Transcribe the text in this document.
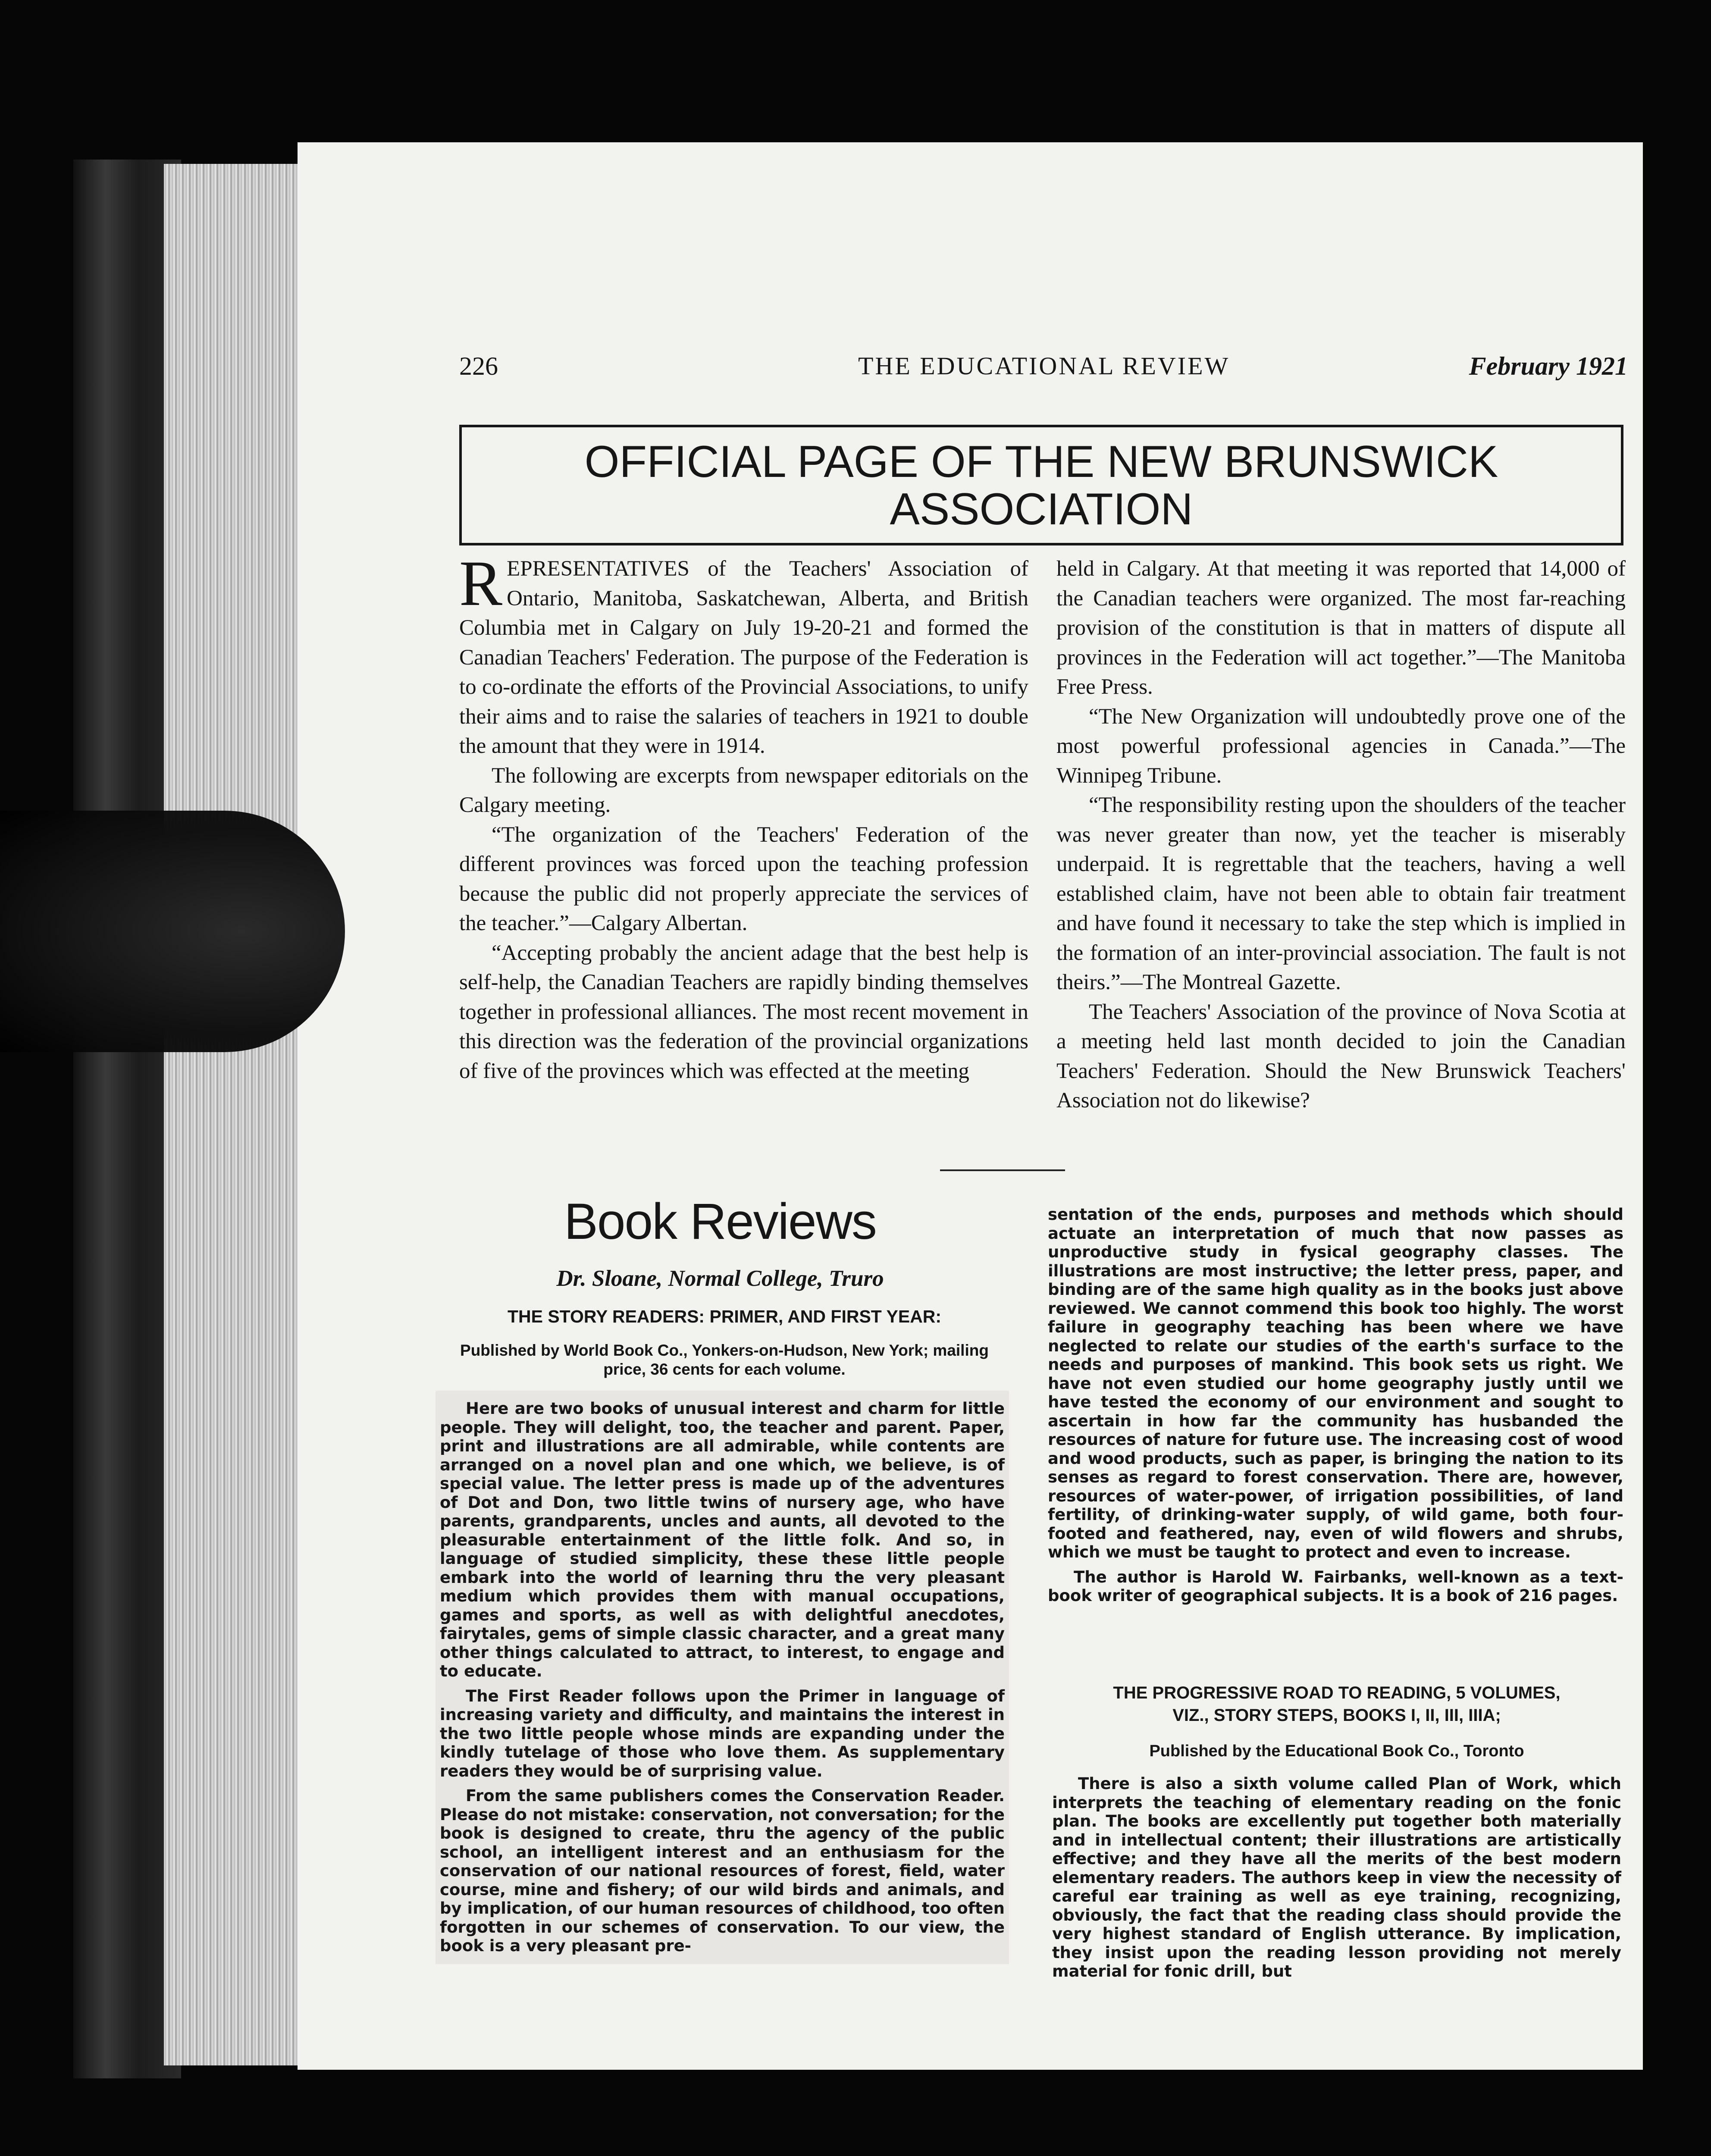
226	THE EDUCATIONAL REVIEW	February 1921
OFFICIAL PAGE OF THE NEW BRUNSWICK
ASSOCIATION

REPRESENTATIVES of the Teachers' Association of Ontario, Manitoba, Saskatchewan, Alberta, and British Columbia met in Calgary on July 19-20-21 and formed the Canadian Teachers' Federation. The purpose of the Federation is to co-ordinate the efforts of the Provincial Associations, to unify their aims and to raise the salaries of teachers in 1921 to double the amount that they were in 1914.

The following are excerpts from newspaper editorials on the Calgary meeting.

“The organization of the Teachers' Federation of the different provinces was forced upon the teaching profession because the public did not properly appreciate the services of the teacher.”—Calgary Albertan.

“Accepting probably the ancient adage that the best help is self-help, the Canadian Teachers are rapidly binding themselves together in professional alliances. The most recent movement in this direction was the federation of the provincial organizations of five of the provinces which was effected at the meeting

held in Calgary. At that meeting it was reported that 14,000 of the Canadian teachers were organized. The most far-reaching provision of the constitution is that in matters of dispute all provinces in the Federation will act together.”—The Manitoba Free Press.

“The New Organization will undoubtedly prove one of the most powerful professional agencies in Canada.”—The Winnipeg Tribune.

“The responsibility resting upon the shoulders of the teacher was never greater than now, yet the teacher is miserably underpaid. It is regrettable that the teachers, having a well established claim, have not been able to obtain fair treatment and have found it necessary to take the step which is implied in the formation of an inter-provincial association. The fault is not theirs.”—The Montreal Gazette.

The Teachers' Association of the province of Nova Scotia at a meeting held last month decided to join the Canadian Teachers' Federation. Should the New Brunswick Teachers' Association not do likewise?

Book Reviews
Dr. Sloane, Normal College, Truro
THE STORY READERS: PRIMER, AND FIRST YEAR:
Published by World Book Co., Yonkers-on-Hudson, New York; mailing price, 36 cents for each volume.

Here are two books of unusual interest and charm for little people. They will delight, too, the teacher and parent. Paper, print and illustrations are all admirable, while contents are arranged on a novel plan and one which, we believe, is of special value. The letter press is made up of the adventures of Dot and Don, two little twins of nursery age, who have parents, grandparents, uncles and aunts, all devoted to the pleasurable entertainment of the little folk. And so, in language of studied simplicity, these these little people embark into the world of learning thru the very pleasant medium which provides them with manual occupations, games and sports, as well as with delightful anecdotes, fairytales, gems of simple classic character, and a great many other things calculated to attract, to interest, to engage and to educate.

The First Reader follows upon the Primer in language of increasing variety and difficulty, and maintains the interest in the two little people whose minds are expanding under the kindly tutelage of those who love them. As supplementary readers they would be of surprising value.

From the same publishers comes the Conservation Reader. Please do not mistake: conservation, not conversation; for the book is designed to create, thru the agency of the public school, an intelligent interest and an enthusiasm for the conservation of our national resources of forest, field, water course, mine and fishery; of our wild birds and animals, and by implication, of our human resources of childhood, too often forgotten in our schemes of conservation. To our view, the book is a very pleasant pre-

sentation of the ends, purposes and methods which should actuate an interpretation of much that now passes as unproductive study in fysical geography classes. The illustrations are most instructive; the letter press, paper, and binding are of the same high quality as in the books just above reviewed. We cannot commend this book too highly. The worst failure in geography teaching has been where we have neglected to relate our studies of the earth's surface to the needs and purposes of mankind. This book sets us right. We have not even studied our home geography justly until we have tested the economy of our environment and sought to ascertain in how far the community has husbanded the resources of nature for future use. The increasing cost of wood and wood products, such as paper, is bringing the nation to its senses as regard to forest conservation. There are, however, resources of water-power, of irrigation possibilities, of land fertility, of drinking-water supply, of wild game, both four-footed and feathered, nay, even of wild flowers and shrubs, which we must be taught to protect and even to increase.

The author is Harold W. Fairbanks, well-known as a text-book writer of geographical subjects. It is a book of 216 pages.

THE PROGRESSIVE ROAD TO READING, 5 VOLUMES,
VIZ., STORY STEPS, BOOKS I, II, III, IIIA;
Published by the Educational Book Co., Toronto

There is also a sixth volume called Plan of Work, which interprets the teaching of elementary reading on the fonic plan. The books are excellently put together both materially and in intellectual content; their illustrations are artistically effective; and they have all the merits of the best modern elementary readers. The authors keep in view the necessity of careful ear training as well as eye training, recognizing, obviously, the fact that the reading class should provide the very highest standard of English utterance. By implication, they insist upon the reading lesson providing not merely material for fonic drill, but
